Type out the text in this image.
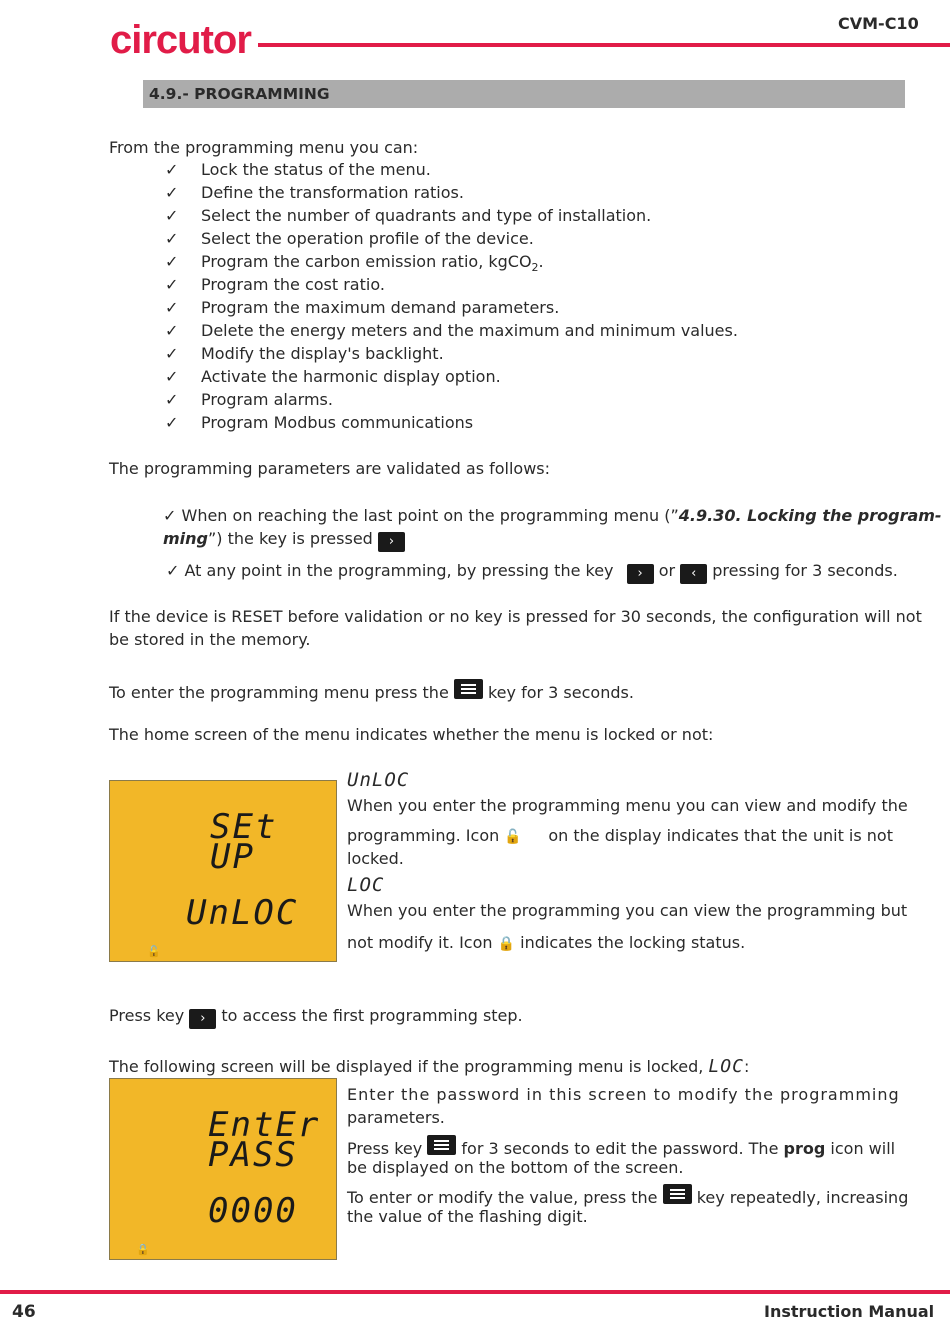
circutor	CVM-C10
4.9.- PROGRAMMING
From the programming menu you can:
✓ Lock the status of the menu.
✓ Define the transformation ratios.
✓ Select the number of quadrants and type of installation.
✓ Select the operation profile of the device.
✓ Program the carbon emission ratio, kgCO$_2$.
✓ Program the cost ratio.
✓ Program the maximum demand parameters.
✓ Delete the energy meters and the maximum and minimum values.
✓ Modify the display's backlight.
✓ Activate the harmonic display option.
✓ Program alarms.
✓ Program Modbus communications
The programming parameters are validated as follows:
✓ When on reaching the last point on the programming menu (”4.9.30. Locking the program-
ming”) the key is pressed ›
✓ At any point in the programming, by pressing the key › or ‹ pressing for 3 seconds.
If the device is RESET before validation or no key is pressed for 30 seconds, the configuration will not
be stored in the memory.
To enter the programming menu press the key for 3 seconds.
The home screen of the menu indicates whether the menu is locked or not:
SEt
UP
UnLOC
🔓
UnLOC
When you enter the programming menu you can view and modify the
programming. Icon 🔓 on the display indicates that the unit is not
locked.
LOC
When you enter the programming you can view the programming but
not modify it. Icon 🔒 indicates the locking status.
Press key › to access the first programming step.
The following screen will be displayed if the programming menu is locked, LOC:
EntEr
PASS
0000
🔒
Enter the password in this screen to modify the programming
parameters.
Press key for 3 seconds to edit the password. The prog icon will
be displayed on the bottom of the screen.
To enter or modify the value, press the key repeatedly, increasing
the value of the flashing digit.
46	Instruction Manual
